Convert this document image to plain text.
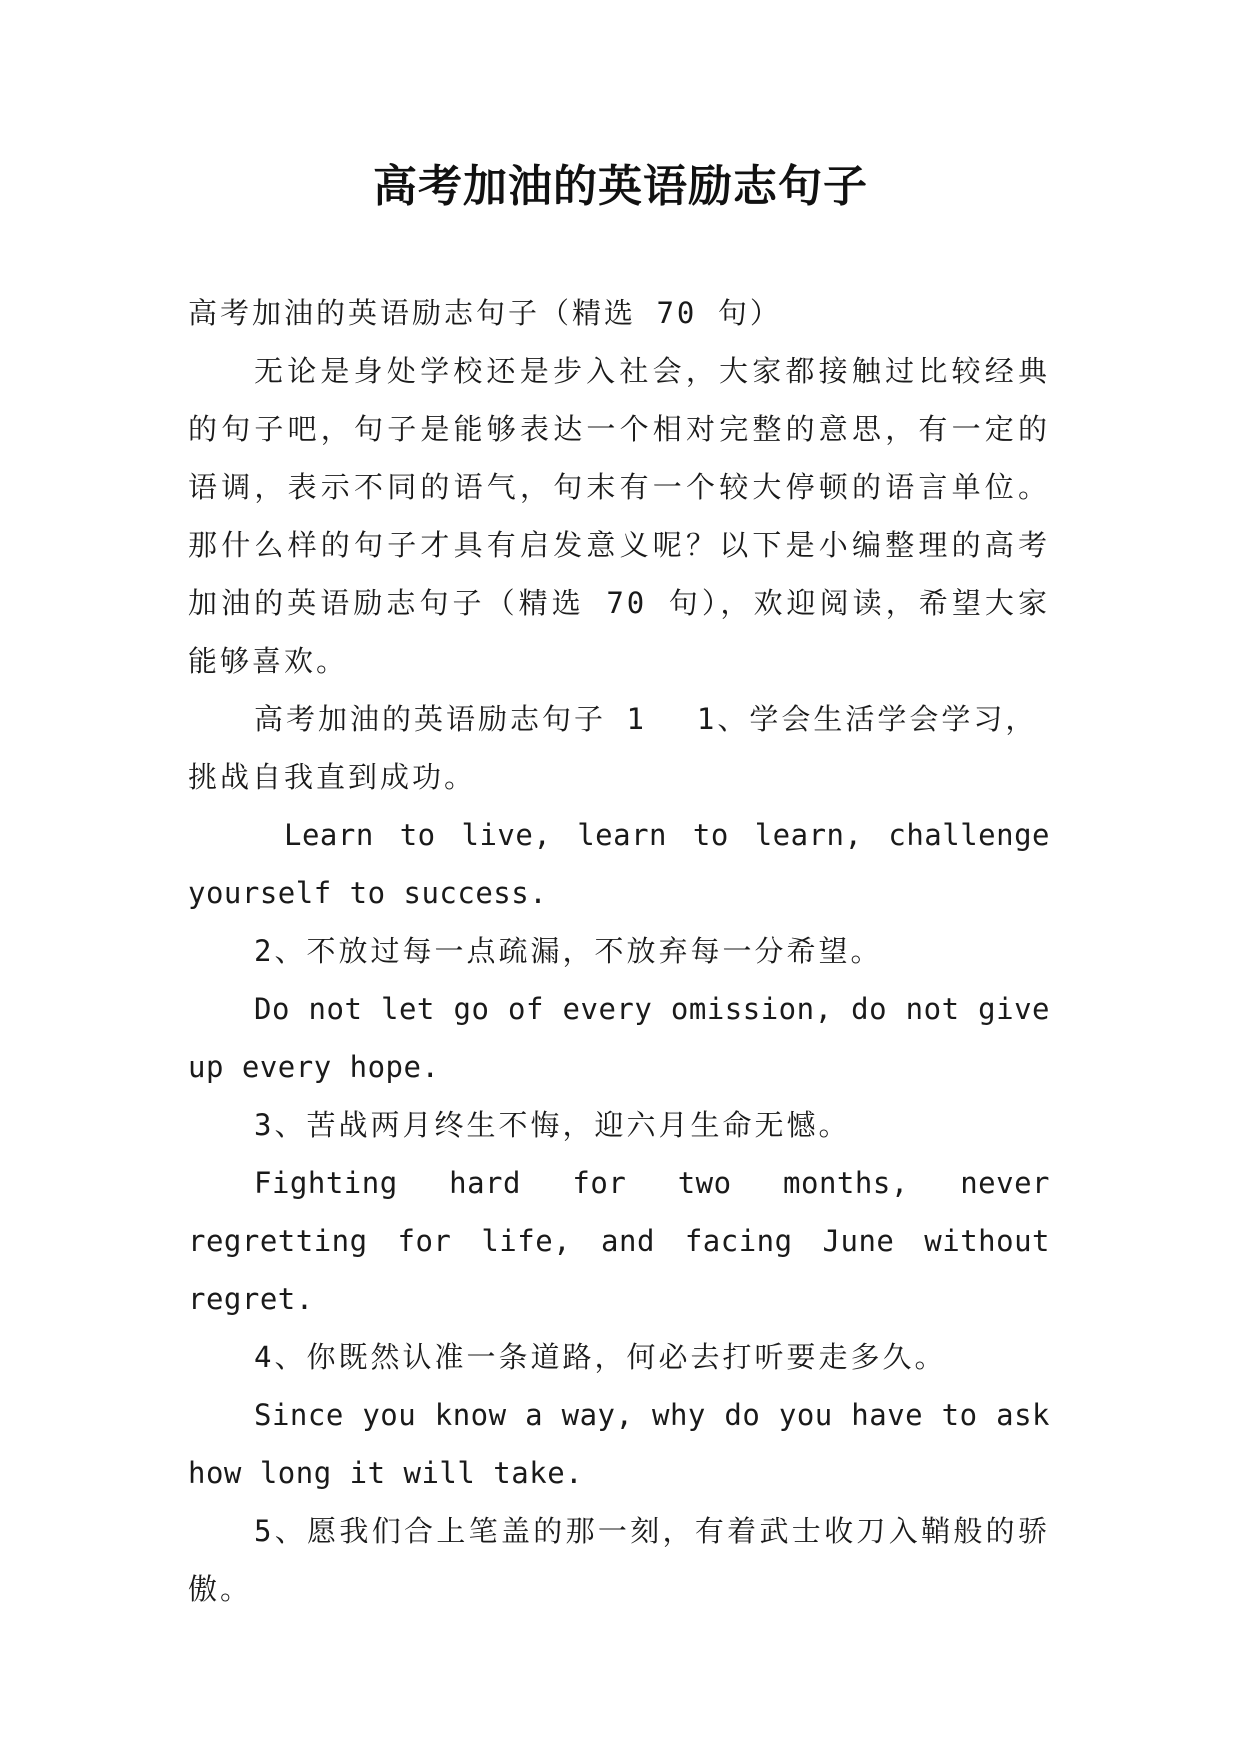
高考加油的英语励志句子

高考加油的英语励志句子（精选 70 句）

无论是身处学校还是步入社会，大家都接触过比较经典的句子吧，句子是能够表达一个相对完整的意思，有一定的语调，表示不同的语气，句末有一个较大停顿的语言单位。那什么样的句子才具有启发意义呢？以下是小编整理的高考加油的英语励志句子（精选 70 句），欢迎阅读，希望大家能够喜欢。

高考加油的英语励志句子 1 1、学会生活学会学习，挑战自我直到成功。

Learn to live, learn to learn, challenge yourself to success.

2、不放过每一点疏漏，不放弃每一分希望。

Do not let go of every omission, do not give up every hope.

3、苦战两月终生不悔，迎六月生命无憾。

Fighting hard for two months, never regretting for life, and facing June without regret.

4、你既然认准一条道路，何必去打听要走多久。

Since you know a way, why do you have to ask how long it will take.

5、愿我们合上笔盖的那一刻，有着武士收刀入鞘般的骄傲。
